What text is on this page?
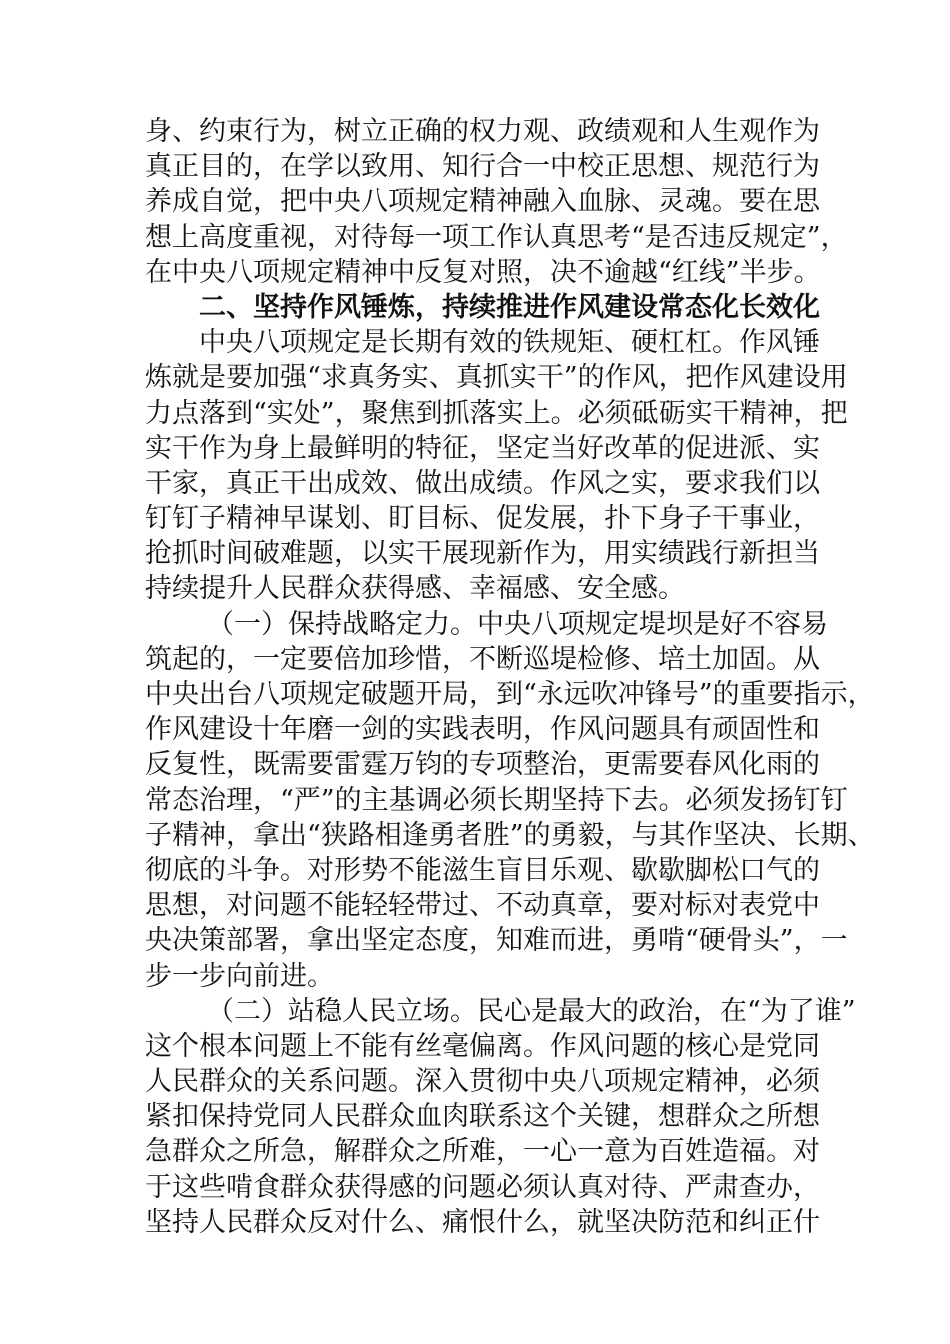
身、约束行为，树立正确的权力观、政绩观和人生观作为
真正目的，在学以致用、知行合一中校正思想、规范行为
养成自觉，把中央八项规定精神融入血脉、灵魂。要在思
想上高度重视，对待每一项工作认真思考“是否违反规定”，
在中央八项规定精神中反复对照，决不逾越“红线”半步。
二、坚持作风锤炼，持续推进作风建设常态化长效化
中央八项规定是长期有效的铁规矩、硬杠杠。作风锤
炼就是要加强“求真务实、真抓实干”的作风，把作风建设用
力点落到“实处”，聚焦到抓落实上。必须砥砺实干精神，把
实干作为身上最鲜明的特征，坚定当好改革的促进派、实
干家，真正干出成效、做出成绩。作风之实，要求我们以
钉钉子精神早谋划、盯目标、促发展，扑下身子干事业，
抢抓时间破难题，以实干展现新作为，用实绩践行新担当
持续提升人民群众获得感、幸福感、安全感。
（一）保持战略定力。中央八项规定堤坝是好不容易
筑起的，一定要倍加珍惜，不断巡堤检修、培土加固。从
中央出台八项规定破题开局，到“永远吹冲锋号”的重要指示，
作风建设十年磨一剑的实践表明，作风问题具有顽固性和
反复性，既需要雷霆万钧的专项整治，更需要春风化雨的
常态治理，“严”的主基调必须长期坚持下去。必须发扬钉钉
子精神，拿出“狭路相逢勇者胜”的勇毅，与其作坚决、长期、
彻底的斗争。对形势不能滋生盲目乐观、歇歇脚松口气的
思想，对问题不能轻轻带过、不动真章，要对标对表党中
央决策部署，拿出坚定态度，知难而进，勇啃“硬骨头”，一
步一步向前进。
（二）站稳人民立场。民心是最大的政治，在“为了谁”
这个根本问题上不能有丝毫偏离。作风问题的核心是党同
人民群众的关系问题。深入贯彻中央八项规定精神，必须
紧扣保持党同人民群众血肉联系这个关键，想群众之所想
急群众之所急，解群众之所难，一心一意为百姓造福。对
于这些啃食群众获得感的问题必须认真对待、严肃查办，
坚持人民群众反对什么、痛恨什么，就坚决防范和纠正什
